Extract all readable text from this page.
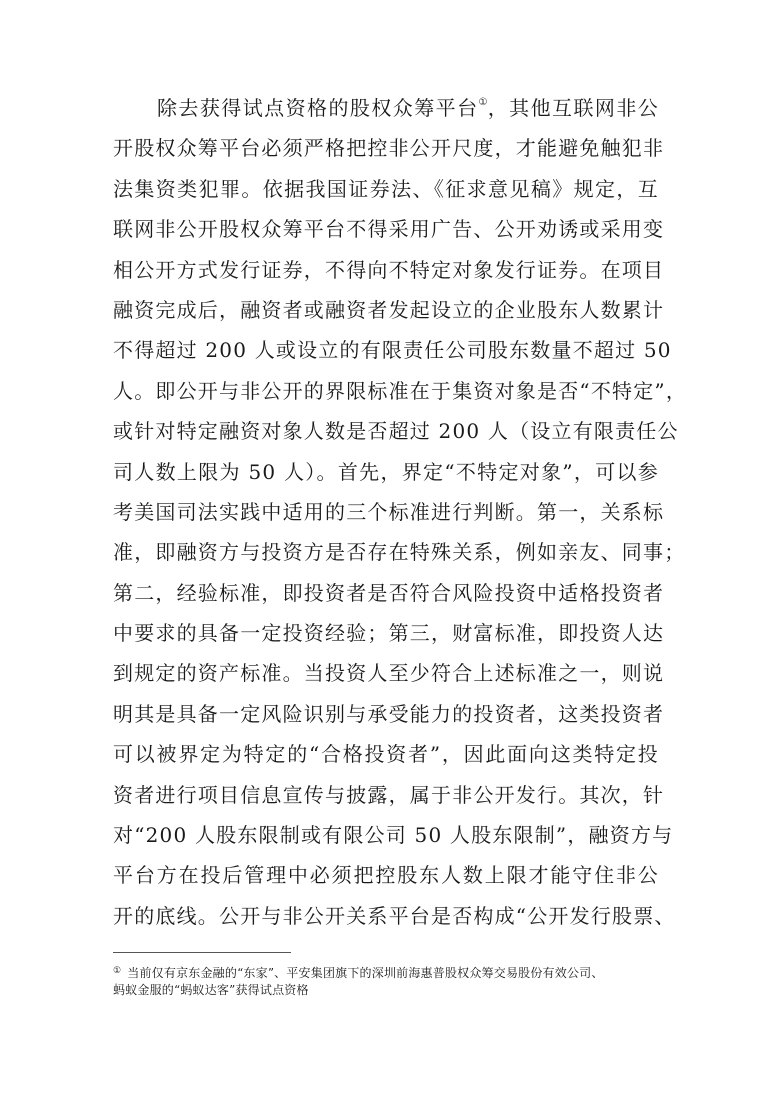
除去获得试点资格的股权众筹平台①，其他互联网非公
开股权众筹平台必须严格把控非公开尺度，才能避免触犯非
法集资类犯罪。依据我国证券法、《征求意见稿》规定，互
联网非公开股权众筹平台不得采用广告、公开劝诱或采用变
相公开方式发行证券，不得向不特定对象发行证券。在项目
融资完成后，融资者或融资者发起设立的企业股东人数累计
不得超过 200 人或设立的有限责任公司股东数量不超过 50
人。即公开与非公开的界限标准在于集资对象是否“不特定”，
或针对特定融资对象人数是否超过 200 人（设立有限责任公
司人数上限为 50 人）。首先，界定“不特定对象”，可以参
考美国司法实践中适用的三个标准进行判断。第一，关系标
准，即融资方与投资方是否存在特殊关系，例如亲友、同事；
第二，经验标准，即投资者是否符合风险投资中适格投资者
中要求的具备一定投资经验；第三，财富标准，即投资人达
到规定的资产标准。当投资人至少符合上述标准之一，则说
明其是具备一定风险识别与承受能力的投资者，这类投资者
可以被界定为特定的“合格投资者”，因此面向这类特定投
资者进行项目信息宣传与披露，属于非公开发行。其次，针
对“200 人股东限制或有限公司 50 人股东限制”，融资方与
平台方在投后管理中必须把控股东人数上限才能守住非公
开的底线。公开与非公开关系平台是否构成“公开发行股票、
① 当前仅有京东金融的“东家”、平安集团旗下的深圳前海惠普股权众筹交易股份有效公司、
蚂蚁金服的“蚂蚁达客”获得试点资格
